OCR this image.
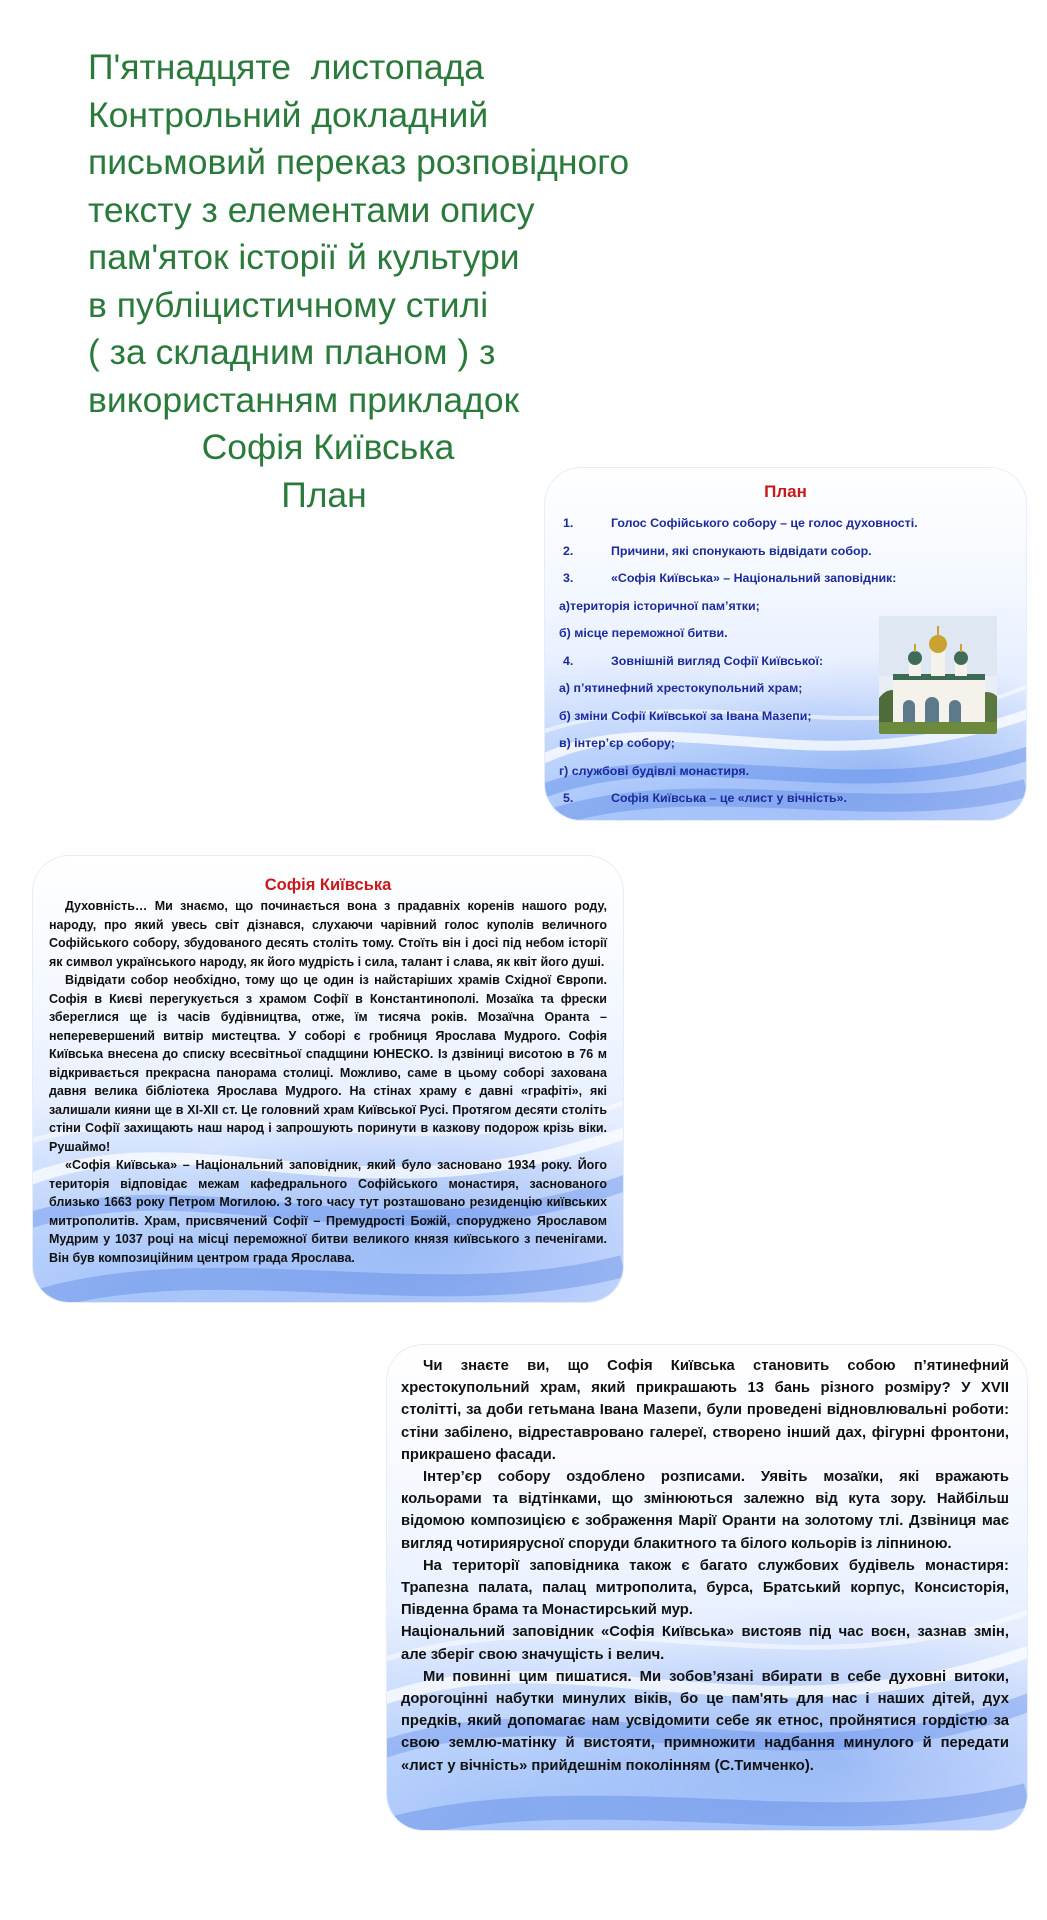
П'ятнадцяте  листопада
Контрольний докладний
письмовий переказ розповідного
тексту з елементами опису
пам'яток історії й культури
в публіцистичному стилі
( за складним планом ) з
використанням прикладок
Софія Київська
План	План
1.	Голос Софійського собору – це голос духовності.
2.	Причини, які спонукають відвідати собор.
3.	«Софія Київська» – Національний заповідник:
а)територія історичної пам’ятки;
б) місце переможної битви.
4.	Зовнішній вигляд Софії Київської:
а) п’ятинефний хрестокупольний храм;
б) зміни Софії Київської за Івана Мазепи;
в) інтер’єр собору;
г) службові будівлі монастиря.
5.	Софія Київська – це «лист у вічність».
Софія Київська

Духовність… Ми знаємо, що починається вона з прадавніх коренів нашого роду, народу, про який увесь світ дізнався, слухаючи чарівний голос куполів величного Софійського собору, збудованого десять століть тому. Стоїть він і досі під небом історії як символ українського народу, як його мудрість і сила, талант і слава, як квіт його душі.

Відвідати собор необхідно, тому що це один із найстаріших храмів Східної Європи. Софія в Києві перегукується з храмом Софії в Константинополі. Мозаїка та фрески збереглися ще із часів будівництва, отже, їм тисяча років. Мозаїчна Оранта – неперевершений витвір мистецтва. У соборі є гробниця Ярослава Мудрого. Софія Київська внесена до списку всесвітньої спадщини ЮНЕСКО. Із дзвіниці висотою в 76 м відкривається прекрасна панорама столиці. Можливо, саме в цьому соборі захована давня велика бібліотека Ярослава Мудрого. На стінах храму є давні «графіті», які залишали кияни ще в ХІ-ХІІ ст. Це головний храм Київської Русі. Протягом десяти століть стіни Софії захищають наш народ і запрошують поринути в казкову подорож крізь віки. Рушаймо!

«Софія Київська» – Національний заповідник, який було засновано 1934 року. Його територія відповідає межам кафедрального Софійського монастиря, заснованого близько 1663 року Петром Могилою. З того часу тут розташовано резиденцію київських митрополитів. Храм, присвячений Софії – Премудрості Божій, споруджено Ярославом Мудрим у 1037 році на місці переможної битви великого князя київського з печенігами. Він був композиційним центром града Ярослава.

Чи знаєте ви, що Софія Київська становить собою п’ятинефний хрестокупольний храм, який прикрашають 13 бань різного розміру? У XVII столітті, за доби гетьмана Івана Мазепи, були проведені відновлювальні роботи: стіни забілено, відреставровано галереї, створено інший дах, фігурні фронтони, прикрашено фасади.

Інтер’єр собору оздоблено розписами. Уявіть мозаїки, які вражають кольорами та відтінками, що змінюються залежно від кута зору. Найбільш відомою композицією є зображення Марії Оранти на золотому тлі. Дзвіниця має вигляд чотириярусної споруди блакитного та білого кольорів із ліпниною.

На території заповідника також є багато службових будівель монастиря: Трапезна палата, палац митрополита, бурса, Братський корпус, Консисторія, Південна брама та Монастирський мур.

Національний заповідник «Софія Київська» вистояв під час воєн, зазнав змін, але зберіг свою значущість і велич.

Ми повинні цим пишатися. Ми зобов’язані вбирати в себе духовні витоки, дорогоцінні набутки минулих віків, бо це пам'ять для нас і наших дітей, дух предків, який допомагає нам усвідомити себе як етнос, пройнятися гордістю за свою землю-матінку й вистояти, примножити надбання минулого й передати «лист у вічність» прийдешнім поколінням (С.Тимченко).
